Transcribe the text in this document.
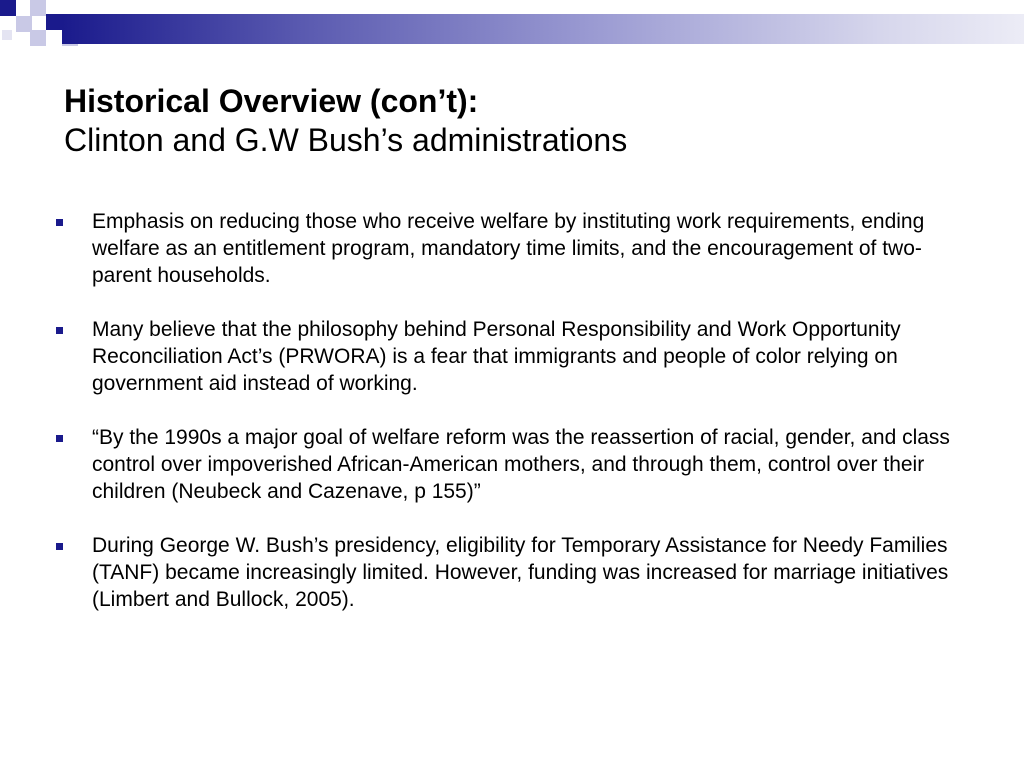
Historical Overview (con’t):

Clinton and G.W Bush’s administrations

Emphasis on reducing those who receive welfare by instituting work requirements, ending welfare as an entitlement program, mandatory time limits, and the encouragement of two-parent households.
Many believe that the philosophy behind Personal Responsibility and Work Opportunity Reconciliation Act’s (PRWORA) is a fear that immigrants and people of color relying on government aid instead of working.
“By the 1990s a major goal of welfare reform was the reassertion of racial, gender, and class control over impoverished African-American mothers, and through them, control over their children (Neubeck and Cazenave, p 155)”
During George W. Bush’s presidency, eligibility for Temporary Assistance for Needy Families (TANF) became increasingly limited. However, funding was increased for marriage initiatives (Limbert and Bullock, 2005).
